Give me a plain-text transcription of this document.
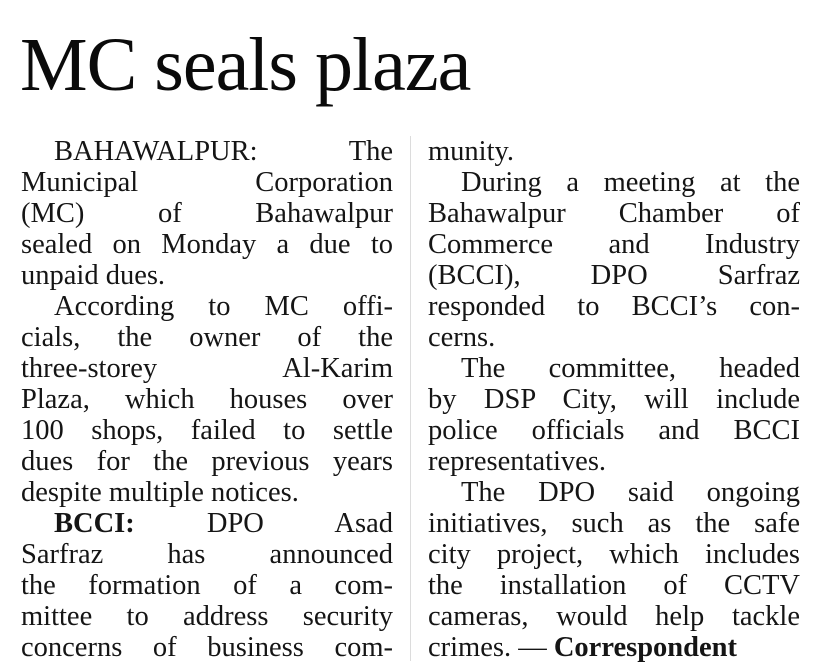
MC seals plaza
BAHAWALPUR: The
Municipal Corporation
(MC) of Bahawalpur
sealed on Monday a due to
unpaid dues.
According to MC offi-
cials, the owner of the
three-storey Al-Karim
Plaza, which houses over
100 shops, failed to settle
dues for the previous years
despite multiple notices.
BCCI: DPO Asad
Sarfraz has announced
the formation of a com-
mittee to address security
concerns of business com-
munity.
During a meeting at the
Bahawalpur Chamber of
Commerce and Industry
(BCCI), DPO Sarfraz
responded to BCCI’s con-
cerns.
The committee, headed
by DSP City, will include
police officials and BCCI
representatives.
The DPO said ongoing
initiatives, such as the safe
city project, which includes
the installation of CCTV
cameras, would help tackle
crimes. — Correspondent
